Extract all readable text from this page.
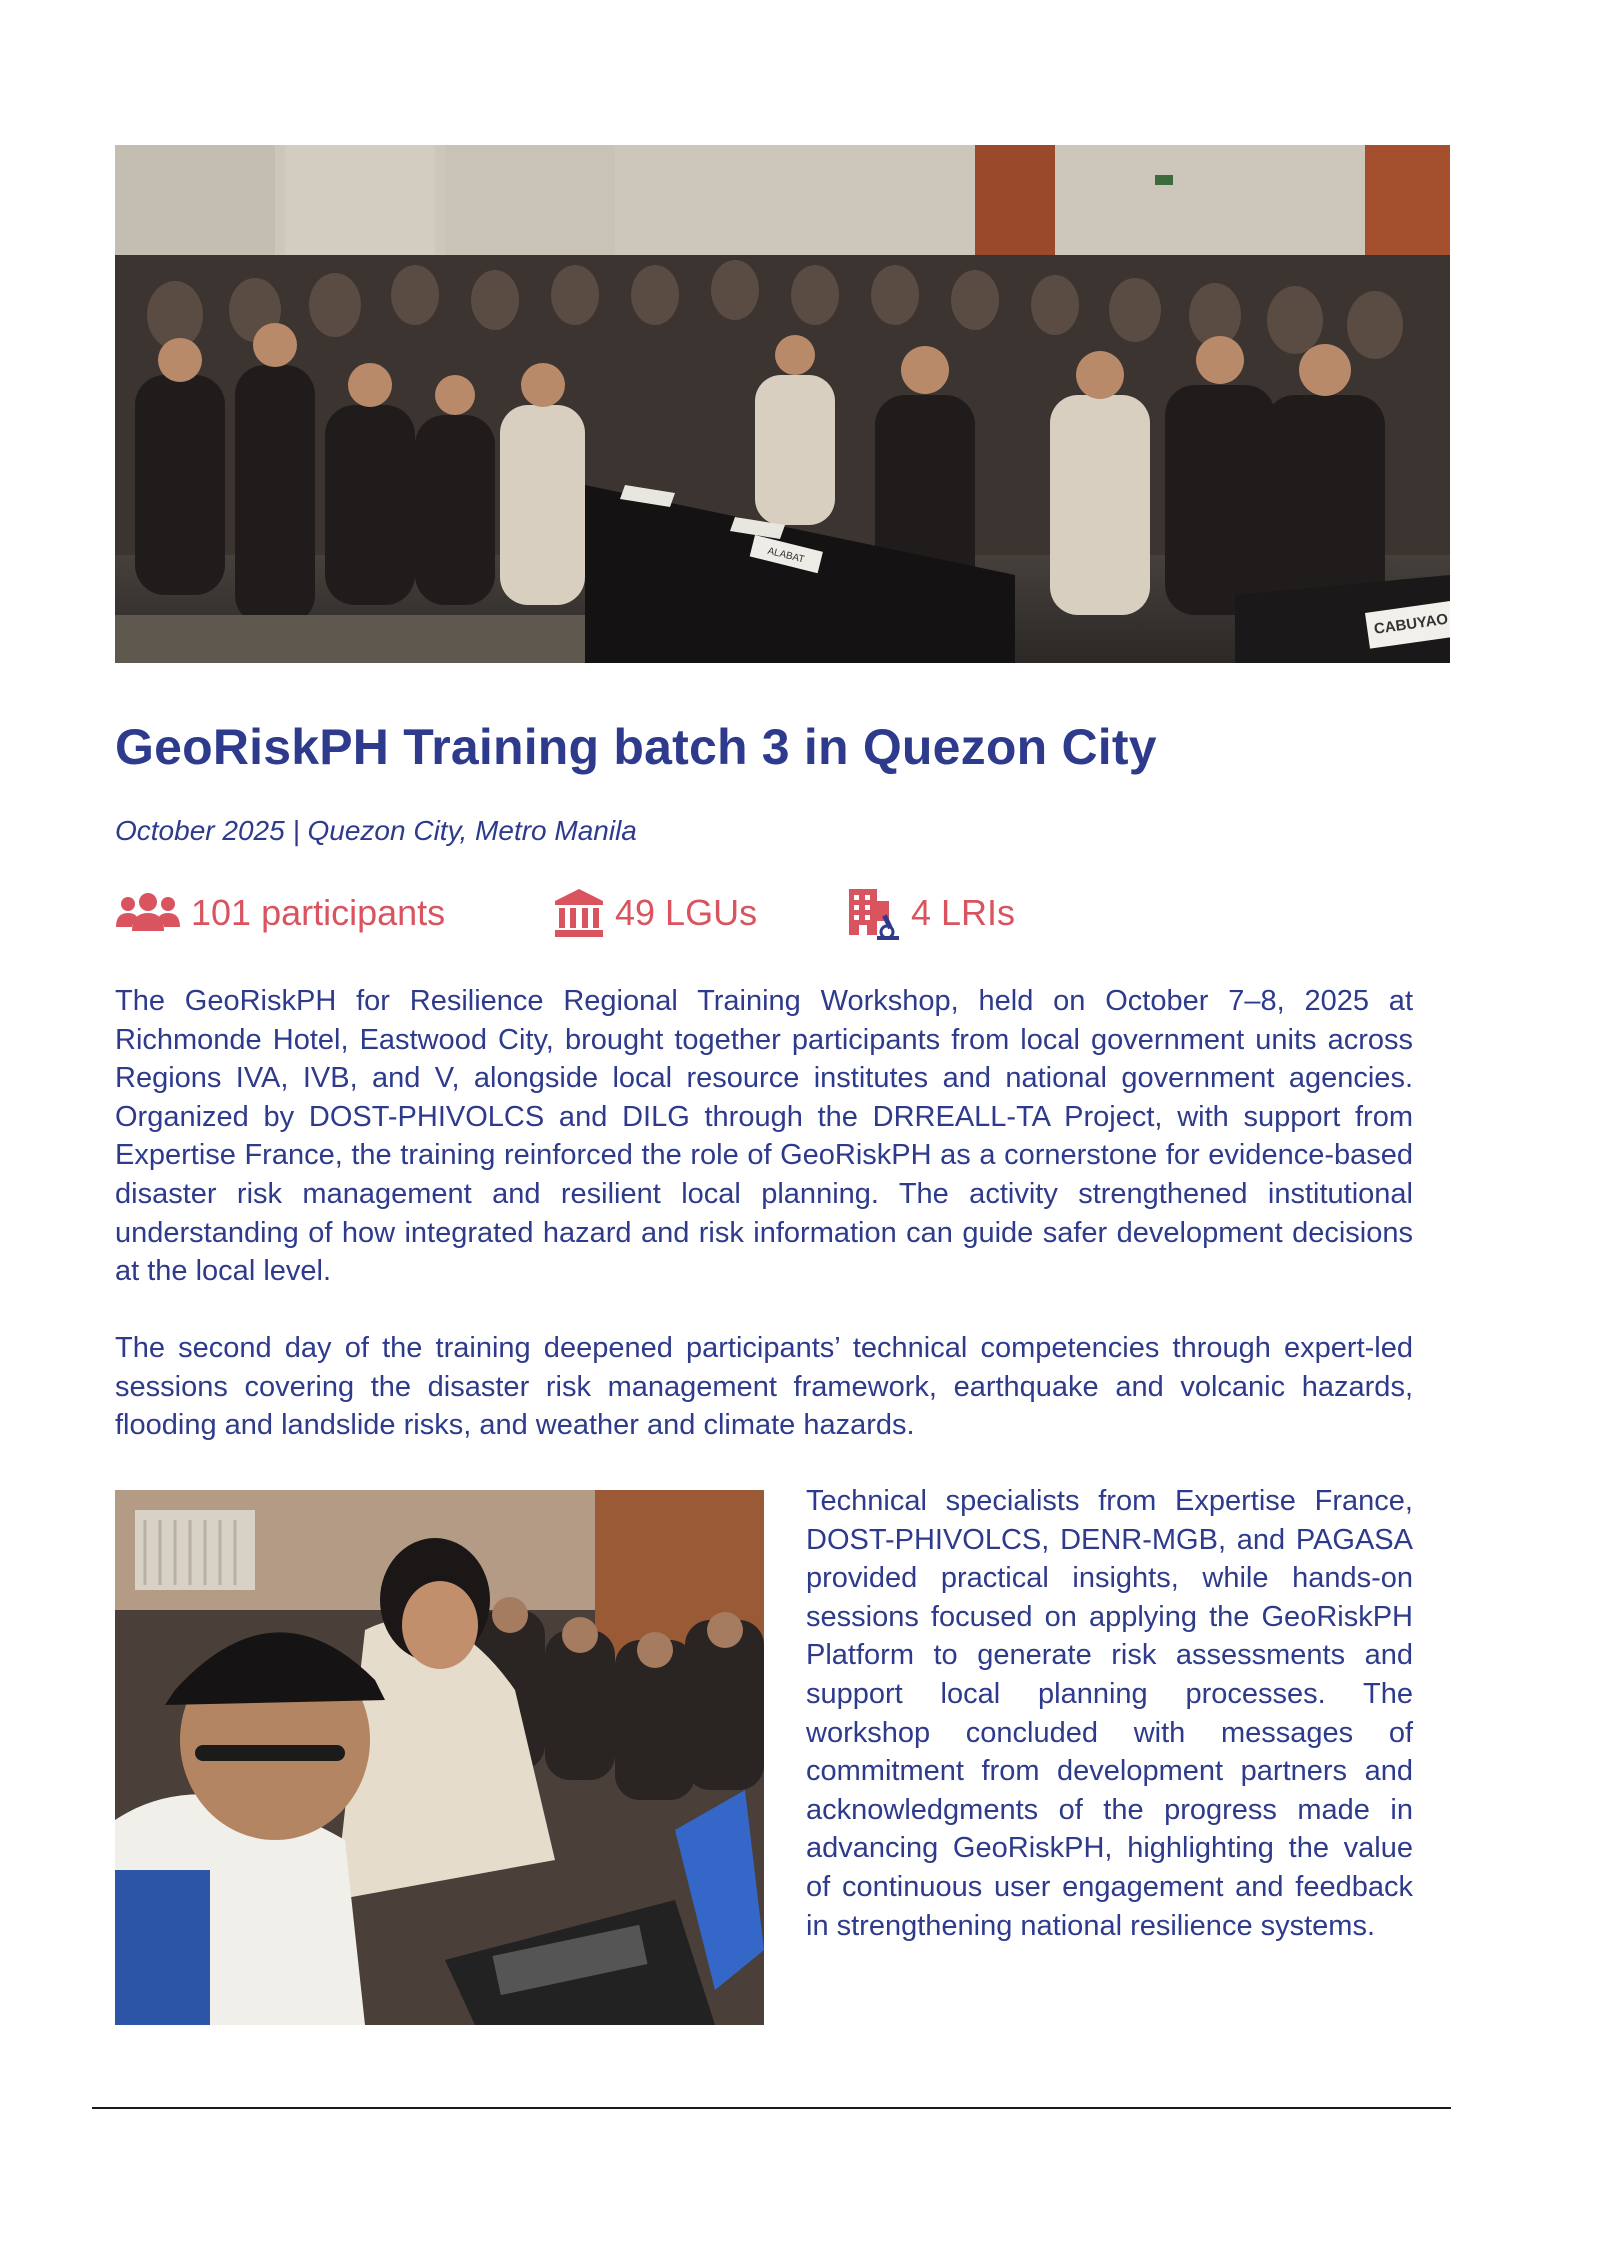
ALABAT
CABUYAO
GeoRiskPH Training batch 3 in Quezon City
October 2025 | Quezon City, Metro Manila
101 participants	49 LGUs	4 LRIs

The GeoRiskPH for Resilience Regional Training Workshop, held on October 7–8, 2025 at Richmonde Hotel, Eastwood City, brought together participants from local government units across Regions IVA, IVB, and V, alongside local resource institutes and national government agencies. Organized by DOST-PHIVOLCS and DILG through the DRREALL-TA Project, with support from Expertise France, the training reinforced the role of GeoRiskPH as a cornerstone for evidence-based disaster risk management and resilient local planning. The activity strengthened institutional understanding of how integrated hazard and risk information can guide safer development decisions at the local level.

The second day of the training deepened participants’ technical competencies through expert-led sessions covering the disaster risk management framework, earthquake and volcanic hazards, flooding and landslide risks, and weather and climate hazards.

Technical specialists from Expertise France, DOST-PHIVOLCS, DENR-MGB, and PAGASA provided practical insights, while hands-on sessions focused on applying the GeoRiskPH Platform to generate risk assessments and support local planning processes. The workshop concluded with messages of commitment from development partners and acknowledgments of the progress made in advancing GeoRiskPH, highlighting the value of continuous user engagement and feedback in strengthening national resilience systems.
